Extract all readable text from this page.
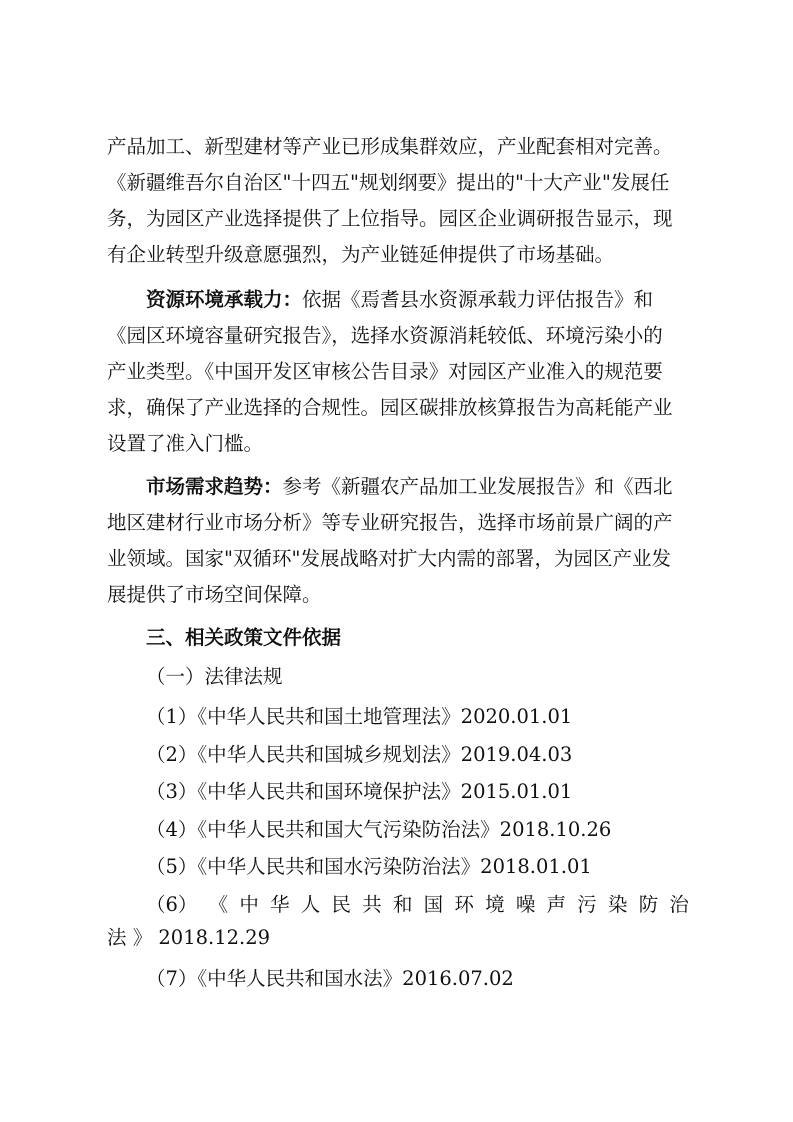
产品加工、新型建材等产业已形成集群效应，产业配套相对完善。
《新疆维吾尔自治区"十四五"规划纲要》提出的"十大产业"发展任
务，为园区产业选择提供了上位指导。园区企业调研报告显示，现
有企业转型升级意愿强烈，为产业链延伸提供了市场基础。
资源环境承载力：依据《焉耆县水资源承载力评估报告》和
《园区环境容量研究报告》，选择水资源消耗较低、环境污染小的
产业类型。《中国开发区审核公告目录》对园区产业准入的规范要
求，确保了产业选择的合规性。园区碳排放核算报告为高耗能产业
设置了准入门槛。
市场需求趋势：参考《新疆农产品加工业发展报告》和《西北
地区建材行业市场分析》等专业研究报告，选择市场前景广阔的产
业领域。国家"双循环"发展战略对扩大内需的部署，为园区产业发
展提供了市场空间保障。
三、相关政策文件依据
（一）法律法规
（1）《中华人民共和国土地管理法》2020.01.01
（2）《中华人民共和国城乡规划法》2019.04.03
（3）《中华人民共和国环境保护法》2015.01.01
（4）《中华人民共和国大气污染防治法》2018.10.26
（5）《中华人民共和国水污染防治法》2018.01.01
（6） 《 中 华 人 民 共 和 国 环 境 噪 声 污 染 防 治
法 》 2018.12.29
（7）《中华人民共和国水法》2016.07.02
